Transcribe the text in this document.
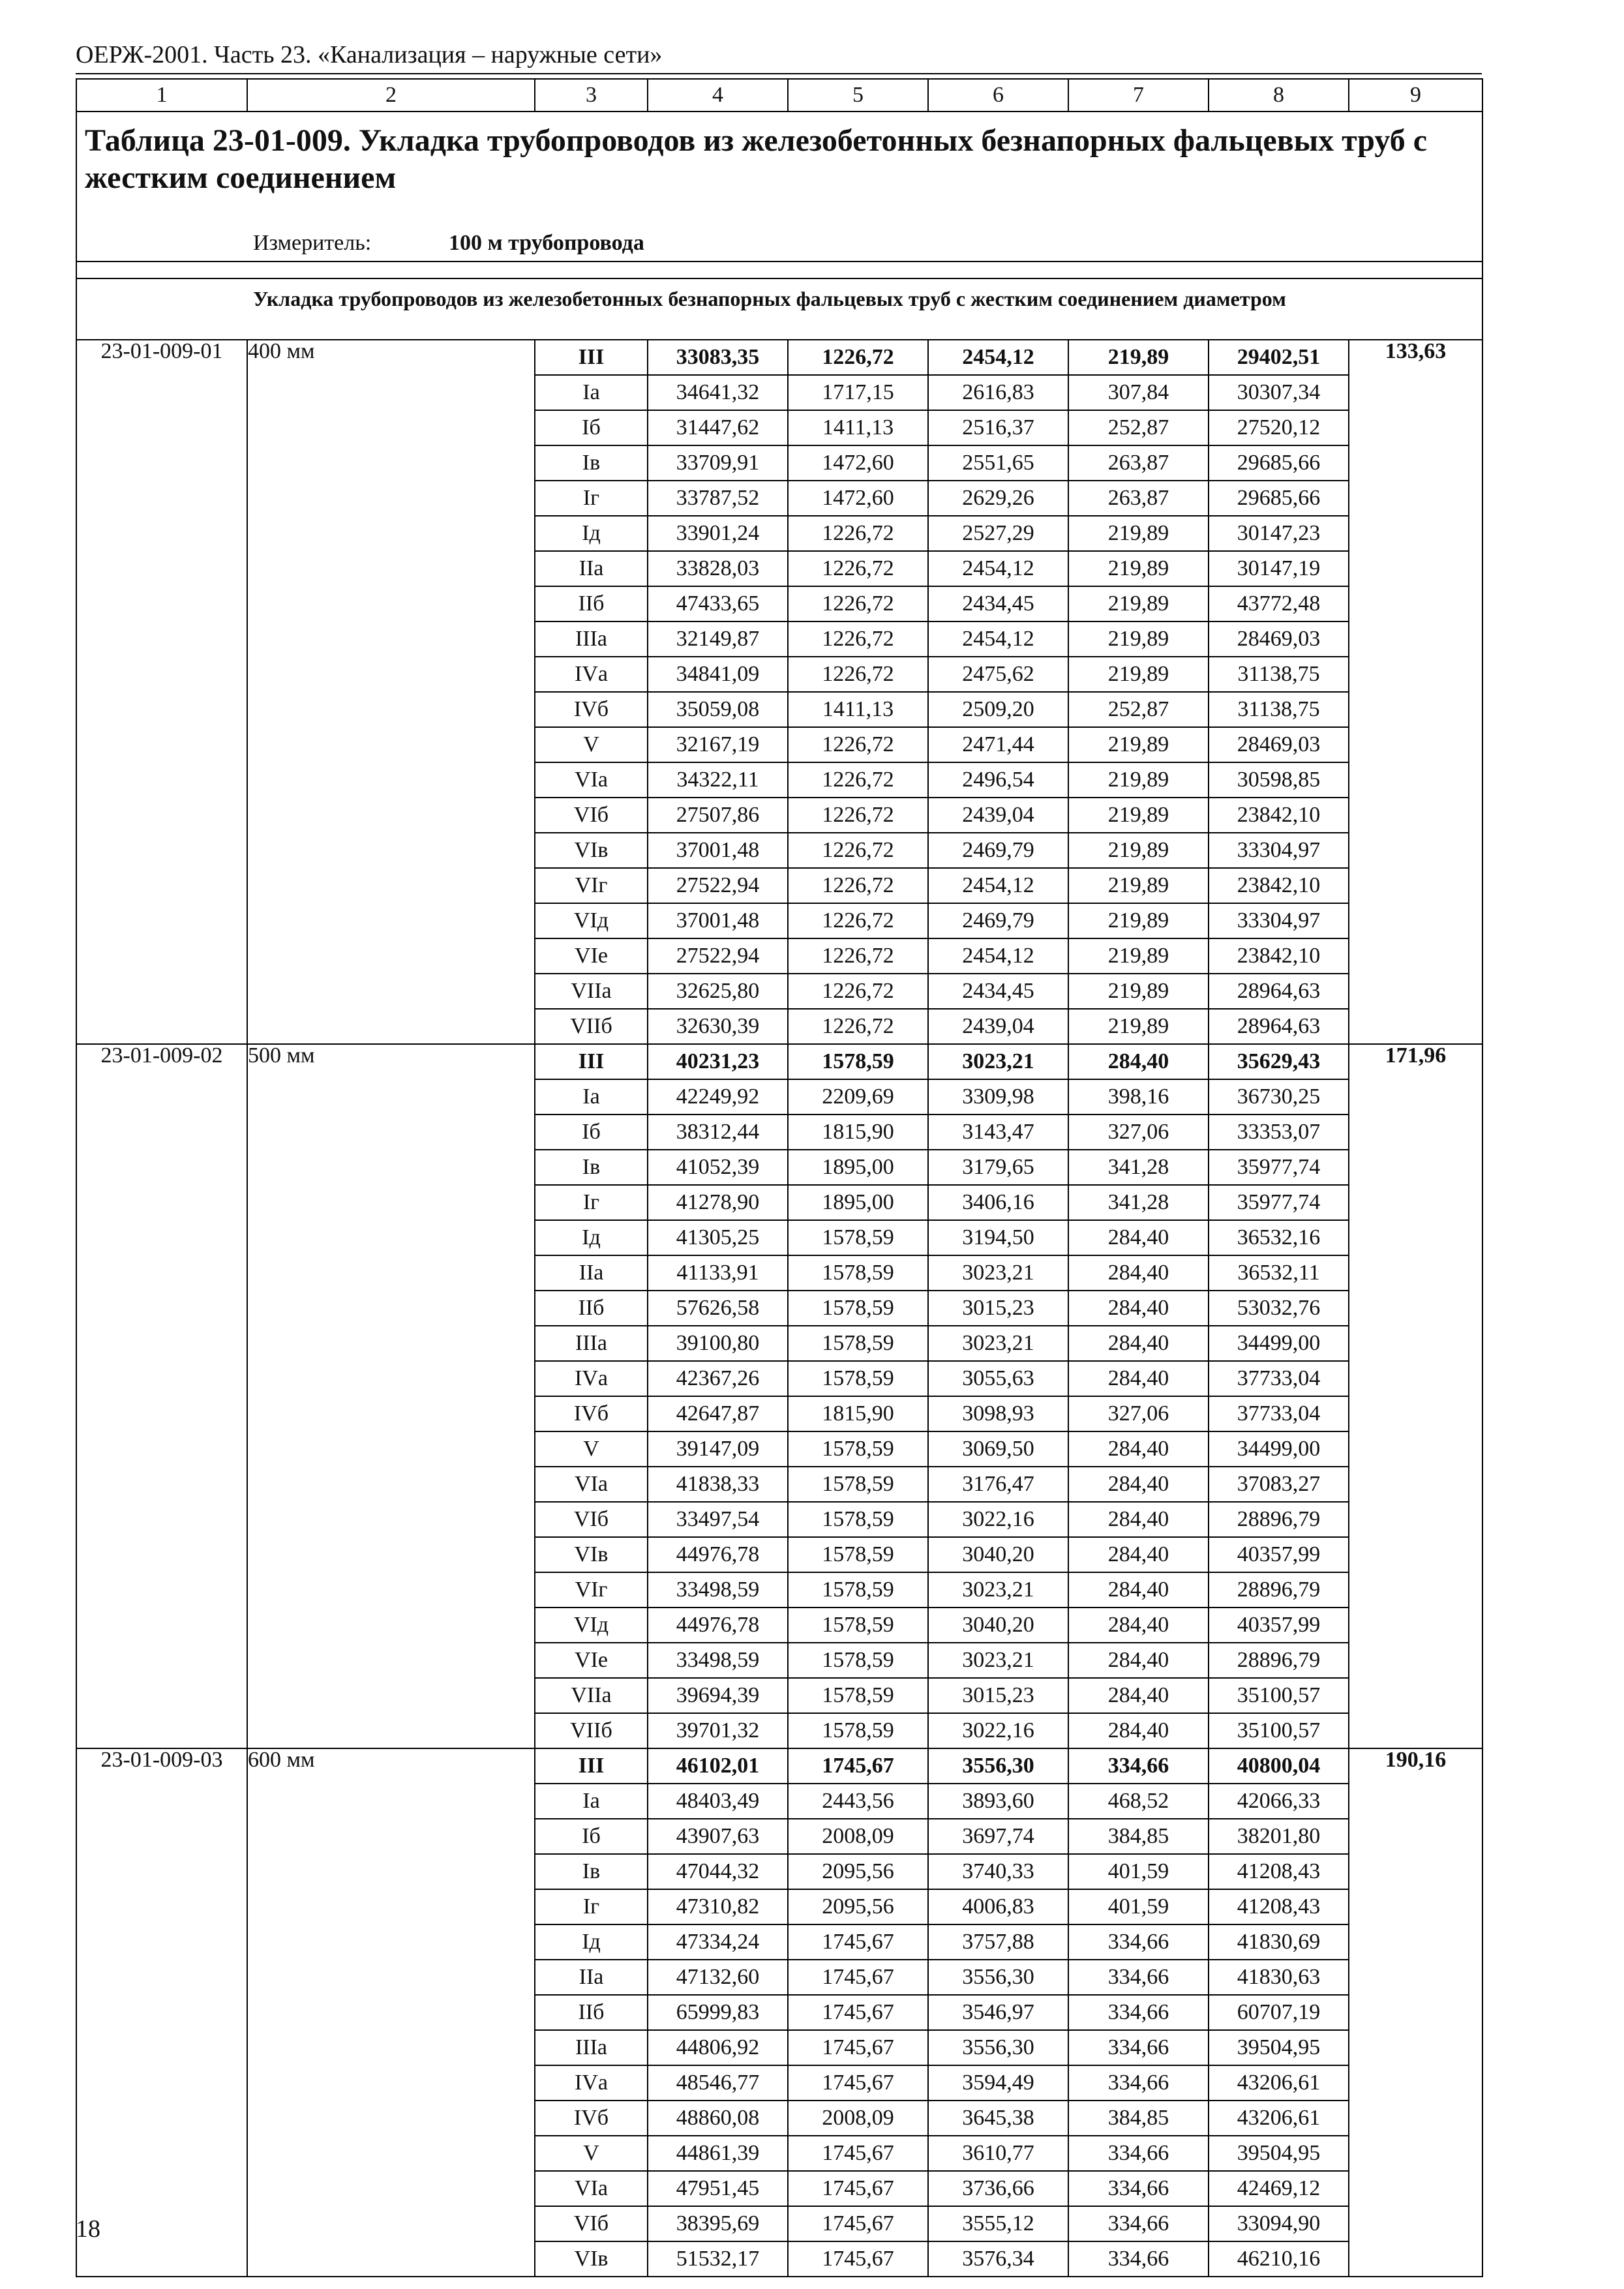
ОЕРЖ-2001. Часть 23. «Канализация – наружные сети»
1	2	3	4	5	6	7	8	9

Таблица 23-01-009. Укладка трубопроводов из железобетонных безнапорных фальцевых труб с жестким соединением
Измеритель: 100 м трубопровода								

Укладка трубопроводов из железобетонных безнапорных фальцевых труб с жестким соединением диаметром								

23-01-009-01	400 мм	III	33083,35	1226,72	2454,12	219,89	29402,51	133,63
		Iа	34641,32	1717,15	2616,83	307,84	30307,34	
		Iб	31447,62	1411,13	2516,37	252,87	27520,12	
		Iв	33709,91	1472,60	2551,65	263,87	29685,66	
		Iг	33787,52	1472,60	2629,26	263,87	29685,66	
		Iд	33901,24	1226,72	2527,29	219,89	30147,23	
		IIа	33828,03	1226,72	2454,12	219,89	30147,19	
		IIб	47433,65	1226,72	2434,45	219,89	43772,48	
		IIIа	32149,87	1226,72	2454,12	219,89	28469,03	
		IVа	34841,09	1226,72	2475,62	219,89	31138,75	
		IVб	35059,08	1411,13	2509,20	252,87	31138,75	
		V	32167,19	1226,72	2471,44	219,89	28469,03	
		VIа	34322,11	1226,72	2496,54	219,89	30598,85	
		VIб	27507,86	1226,72	2439,04	219,89	23842,10	
		VIв	37001,48	1226,72	2469,79	219,89	33304,97	
		VIг	27522,94	1226,72	2454,12	219,89	23842,10	
		VIд	37001,48	1226,72	2469,79	219,89	33304,97	
		VIе	27522,94	1226,72	2454,12	219,89	23842,10	
		VIIа	32625,80	1226,72	2434,45	219,89	28964,63	
		VIIб	32630,39	1226,72	2439,04	219,89	28964,63	
23-01-009-02	500 мм	III	40231,23	1578,59	3023,21	284,40	35629,43	171,96
		Iа	42249,92	2209,69	3309,98	398,16	36730,25	
		Iб	38312,44	1815,90	3143,47	327,06	33353,07	
		Iв	41052,39	1895,00	3179,65	341,28	35977,74	
		Iг	41278,90	1895,00	3406,16	341,28	35977,74	
		Iд	41305,25	1578,59	3194,50	284,40	36532,16	
		IIа	41133,91	1578,59	3023,21	284,40	36532,11	
		IIб	57626,58	1578,59	3015,23	284,40	53032,76	
		IIIа	39100,80	1578,59	3023,21	284,40	34499,00	
		IVа	42367,26	1578,59	3055,63	284,40	37733,04	
		IVб	42647,87	1815,90	3098,93	327,06	37733,04	
		V	39147,09	1578,59	3069,50	284,40	34499,00	
		VIа	41838,33	1578,59	3176,47	284,40	37083,27	
		VIб	33497,54	1578,59	3022,16	284,40	28896,79	
		VIв	44976,78	1578,59	3040,20	284,40	40357,99	
		VIг	33498,59	1578,59	3023,21	284,40	28896,79	
		VIд	44976,78	1578,59	3040,20	284,40	40357,99	
		VIе	33498,59	1578,59	3023,21	284,40	28896,79	
		VIIа	39694,39	1578,59	3015,23	284,40	35100,57	
		VIIб	39701,32	1578,59	3022,16	284,40	35100,57	
23-01-009-03	600 мм	III	46102,01	1745,67	3556,30	334,66	40800,04	190,16
		Iа	48403,49	2443,56	3893,60	468,52	42066,33	
		Iб	43907,63	2008,09	3697,74	384,85	38201,80	
		Iв	47044,32	2095,56	3740,33	401,59	41208,43	
		Iг	47310,82	2095,56	4006,83	401,59	41208,43	
		Iд	47334,24	1745,67	3757,88	334,66	41830,69	
		IIа	47132,60	1745,67	3556,30	334,66	41830,63	
		IIб	65999,83	1745,67	3546,97	334,66	60707,19	
		IIIа	44806,92	1745,67	3556,30	334,66	39504,95	
		IVа	48546,77	1745,67	3594,49	334,66	43206,61	
		IVб	48860,08	2008,09	3645,38	384,85	43206,61	
		V	44861,39	1745,67	3610,77	334,66	39504,95	
		VIа	47951,45	1745,67	3736,66	334,66	42469,12	
		VIб	38395,69	1745,67	3555,12	334,66	33094,90	
		VIв	51532,17	1745,67	3576,34	334,66	46210,16	
18
